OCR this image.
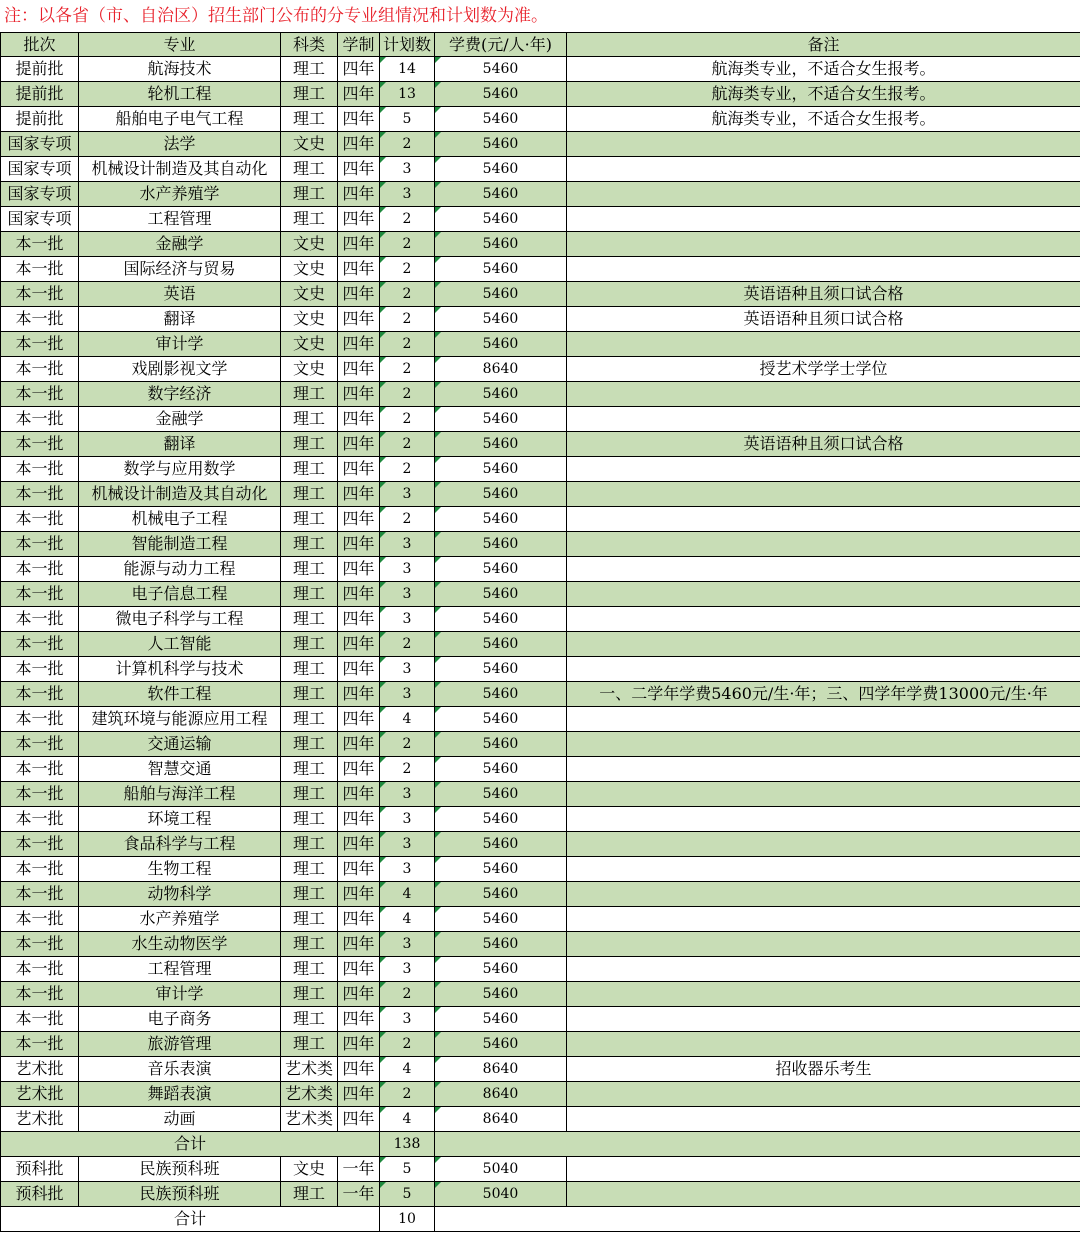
注：以各省（市、自治区）招生部门公布的分专业组情况和计划数为准。
批次	专业	科类	学制	计划数	学费(元/人·年)	备注
提前批	航海技术	理工	四年	14	5460	航海类专业，不适合女生报考。
提前批	轮机工程	理工	四年	13	5460	航海类专业，不适合女生报考。
提前批	船舶电子电气工程	理工	四年	5	5460	航海类专业，不适合女生报考。
国家专项	法学	文史	四年	2	5460	
国家专项	机械设计制造及其自动化	理工	四年	3	5460	
国家专项	水产养殖学	理工	四年	3	5460	
国家专项	工程管理	理工	四年	2	5460	
本一批	金融学	文史	四年	2	5460	
本一批	国际经济与贸易	文史	四年	2	5460	
本一批	英语	文史	四年	2	5460	英语语种且须口试合格
本一批	翻译	文史	四年	2	5460	英语语种且须口试合格
本一批	审计学	文史	四年	2	5460	
本一批	戏剧影视文学	文史	四年	2	8640	授艺术学学士学位
本一批	数字经济	理工	四年	2	5460	
本一批	金融学	理工	四年	2	5460	
本一批	翻译	理工	四年	2	5460	英语语种且须口试合格
本一批	数学与应用数学	理工	四年	2	5460	
本一批	机械设计制造及其自动化	理工	四年	3	5460	
本一批	机械电子工程	理工	四年	2	5460	
本一批	智能制造工程	理工	四年	3	5460	
本一批	能源与动力工程	理工	四年	3	5460	
本一批	电子信息工程	理工	四年	3	5460	
本一批	微电子科学与工程	理工	四年	3	5460	
本一批	人工智能	理工	四年	2	5460	
本一批	计算机科学与技术	理工	四年	3	5460	
本一批	软件工程	理工	四年	3	5460	一、二学年学费5460元/生·年；三、四学年学费13000元/生·年
本一批	建筑环境与能源应用工程	理工	四年	4	5460	
本一批	交通运输	理工	四年	2	5460	
本一批	智慧交通	理工	四年	2	5460	
本一批	船舶与海洋工程	理工	四年	3	5460	
本一批	环境工程	理工	四年	3	5460	
本一批	食品科学与工程	理工	四年	3	5460	
本一批	生物工程	理工	四年	3	5460	
本一批	动物科学	理工	四年	4	5460	
本一批	水产养殖学	理工	四年	4	5460	
本一批	水生动物医学	理工	四年	3	5460	
本一批	工程管理	理工	四年	3	5460	
本一批	审计学	理工	四年	2	5460	
本一批	电子商务	理工	四年	3	5460	
本一批	旅游管理	理工	四年	2	5460	
艺术批	音乐表演	艺术类	四年	4	8640	招收器乐考生
艺术批	舞蹈表演	艺术类	四年	2	8640	
艺术批	动画	艺术类	四年	4	8640	
合计				138		
预科批	民族预科班	文史	一年	5	5040	
预科批	民族预科班	理工	一年	5	5040	
合计				10		
